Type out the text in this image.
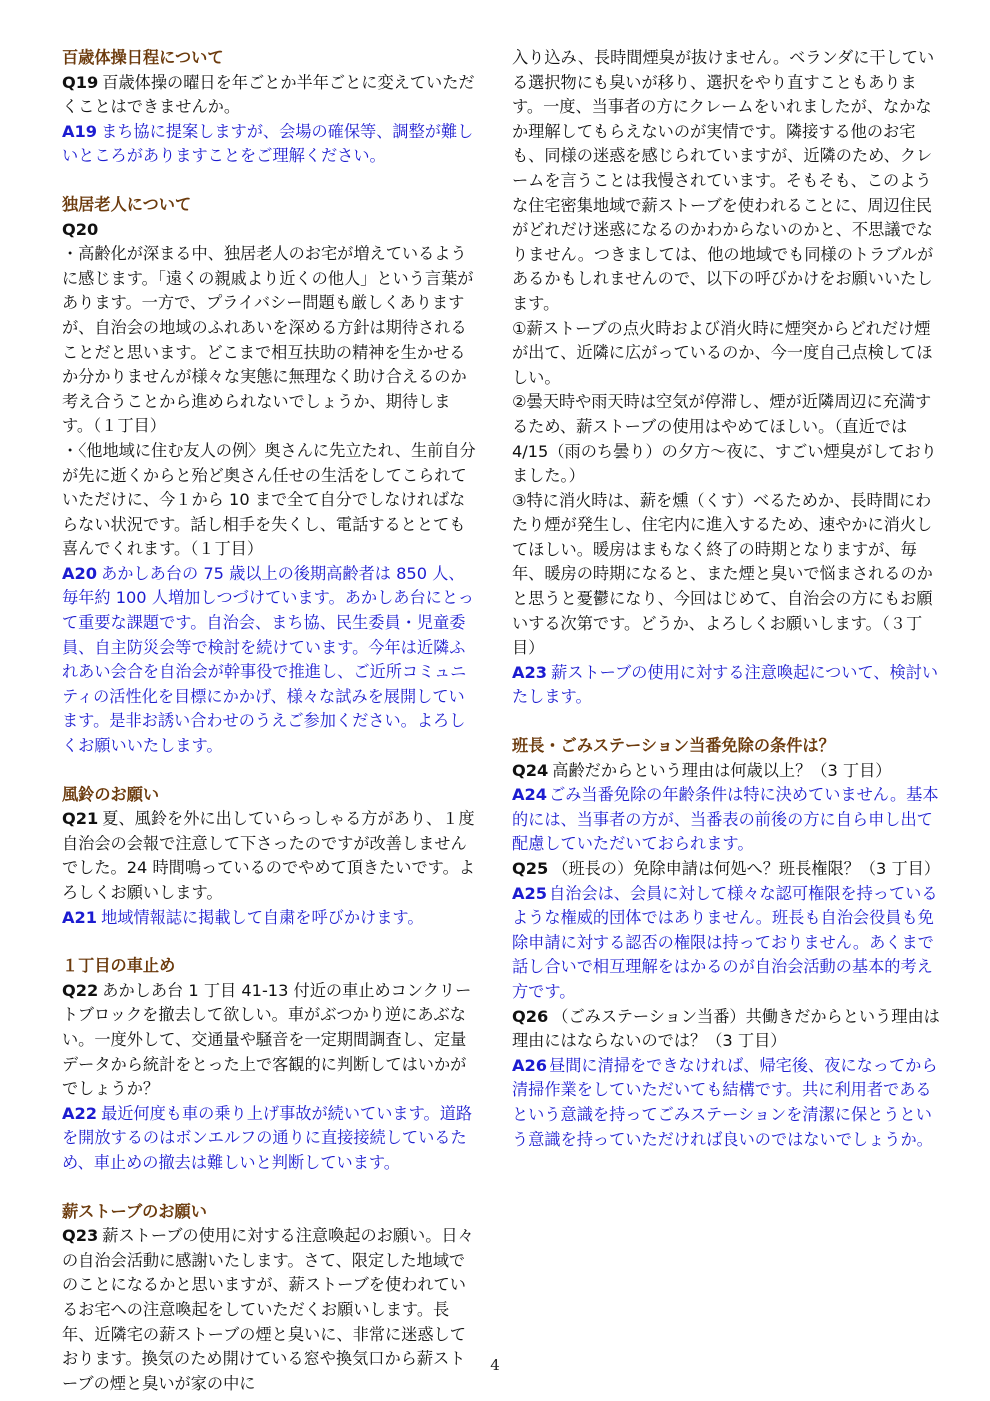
百歳体操日程について

Q19 百歳体操の曜日を年ごとか半年ごとに変えていただくことはできませんか。

A19 まち協に提案しますが、会場の確保等、調整が難しいところがありますことをご理解ください。

独居老人について

Q20

・高齢化が深まる中、独居老人のお宅が増えているように感じます。「遠くの親戚より近くの他人」という言葉があります。一方で、プライバシー問題も厳しくありますが、自治会の地域のふれあいを深める方針は期待されることだと思います。どこまで相互扶助の精神を生かせるか分かりませんが様々な実態に無理なく助け合えるのか考え合うことから進められないでしょうか、期待します。（１丁目）

・〈他地域に住む友人の例〉奥さんに先立たれ、生前自分が先に逝くからと殆ど奥さん任せの生活をしてこられていただけに、今１から 10 まで全て自分でしなければならない状況です。話し相手を失くし、電話するととても喜んでくれます。（１丁目）

A20 あかしあ台の 75 歳以上の後期高齢者は 850 人、毎年約 100 人増加しつづけています。あかしあ台にとって重要な課題です。自治会、まち協、民生委員・児童委員、自主防災会等で検討を続けています。今年は近隣ふれあい会合を自治会が幹事役で推進し、ご近所コミュニティの活性化を目標にかかげ、様々な試みを展開しています。是非お誘い合わせのうえご参加ください。よろしくお願いいたします。

風鈴のお願い

Q21 夏、風鈴を外に出していらっしゃる方があり、１度自治会の会報で注意して下さったのですが改善しませんでした。24 時間鳴っているのでやめて頂きたいです。よろしくお願いします。

A21 地域情報誌に掲載して自粛を呼びかけます。

１丁目の車止め

Q22 あかしあ台 1 丁目 41-13 付近の車止めコンクリートブロックを撤去して欲しい。車がぶつかり逆にあぶない。一度外して、交通量や騒音を一定期間調査し、定量データから統計をとった上で客観的に判断してはいかがでしょうか？

A22 最近何度も車の乗り上げ事故が続いています。道路を開放するのはボンエルフの通りに直接接続しているため、車止めの撤去は難しいと判断しています。

薪ストーブのお願い

Q23 薪ストーブの使用に対する注意喚起のお願い。日々の自治会活動に感謝いたします。さて、限定した地域でのことになるかと思いますが、薪ストーブを使われているお宅への注意喚起をしていただくお願いします。長年、近隣宅の薪ストーブの煙と臭いに、非常に迷惑しております。換気のため開けている窓や換気口から薪ストーブの煙と臭いが家の中に

入り込み、長時間煙臭が抜けません。ベランダに干している選択物にも臭いが移り、選択をやり直すこともあります。一度、当事者の方にクレームをいれましたが、なかなか理解してもらえないのが実情です。隣接する他のお宅も、同様の迷惑を感じられていますが、近隣のため、クレームを言うことは我慢されています。そもそも、このような住宅密集地域で薪ストーブを使われることに、周辺住民がどれだけ迷惑になるのかわからないのかと、不思議でなりません。つきましては、他の地域でも同様のトラブルがあるかもしれませんので、以下の呼びかけをお願いいたします。

①薪ストーブの点火時および消火時に煙突からどれだけ煙が出て、近隣に広がっているのか、今一度自己点検してほしい。

②曇天時や雨天時は空気が停滞し、煙が近隣周辺に充満するため、薪ストーブの使用はやめてほしい。（直近では 4/15（雨のち曇り）の夕方～夜に、すごい煙臭がしておりました。）

③特に消火時は、薪を燻（くす）べるためか、長時間にわたり煙が発生し、住宅内に進入するため、速やかに消火してほしい。暖房はまもなく終了の時期となりますが、毎年、暖房の時期になると、また煙と臭いで悩まされるのかと思うと憂鬱になり、今回はじめて、自治会の方にもお願いする次第です。どうか、よろしくお願いします。（３丁目）

A23 薪ストーブの使用に対する注意喚起について、検討いたします。

班長・ごみステーション当番免除の条件は？

Q24 高齢だからという理由は何歳以上？（3 丁目）

A24 ごみ当番免除の年齢条件は特に決めていません。基本的には、当事者の方が、当番表の前後の方に自ら申し出て配慮していただいておられます。

Q25 （班長の）免除申請は何処へ？班長権限？（3 丁目）

A25 自治会は、会員に対して様々な認可権限を持っているような権威的団体ではありません。班長も自治会役員も免除申請に対する認否の権限は持っておりません。あくまで話し合いで相互理解をはかるのが自治会活動の基本的考え方です。

Q26 （ごみステーション当番）共働きだからという理由は理由にはならないのでは？（3 丁目）

A26 昼間に清掃をできなければ、帰宅後、夜になってから清掃作業をしていただいても結構です。共に利用者であるという意識を持ってごみステーションを清潔に保とうという意識を持っていただければ良いのではないでしょうか。

4
